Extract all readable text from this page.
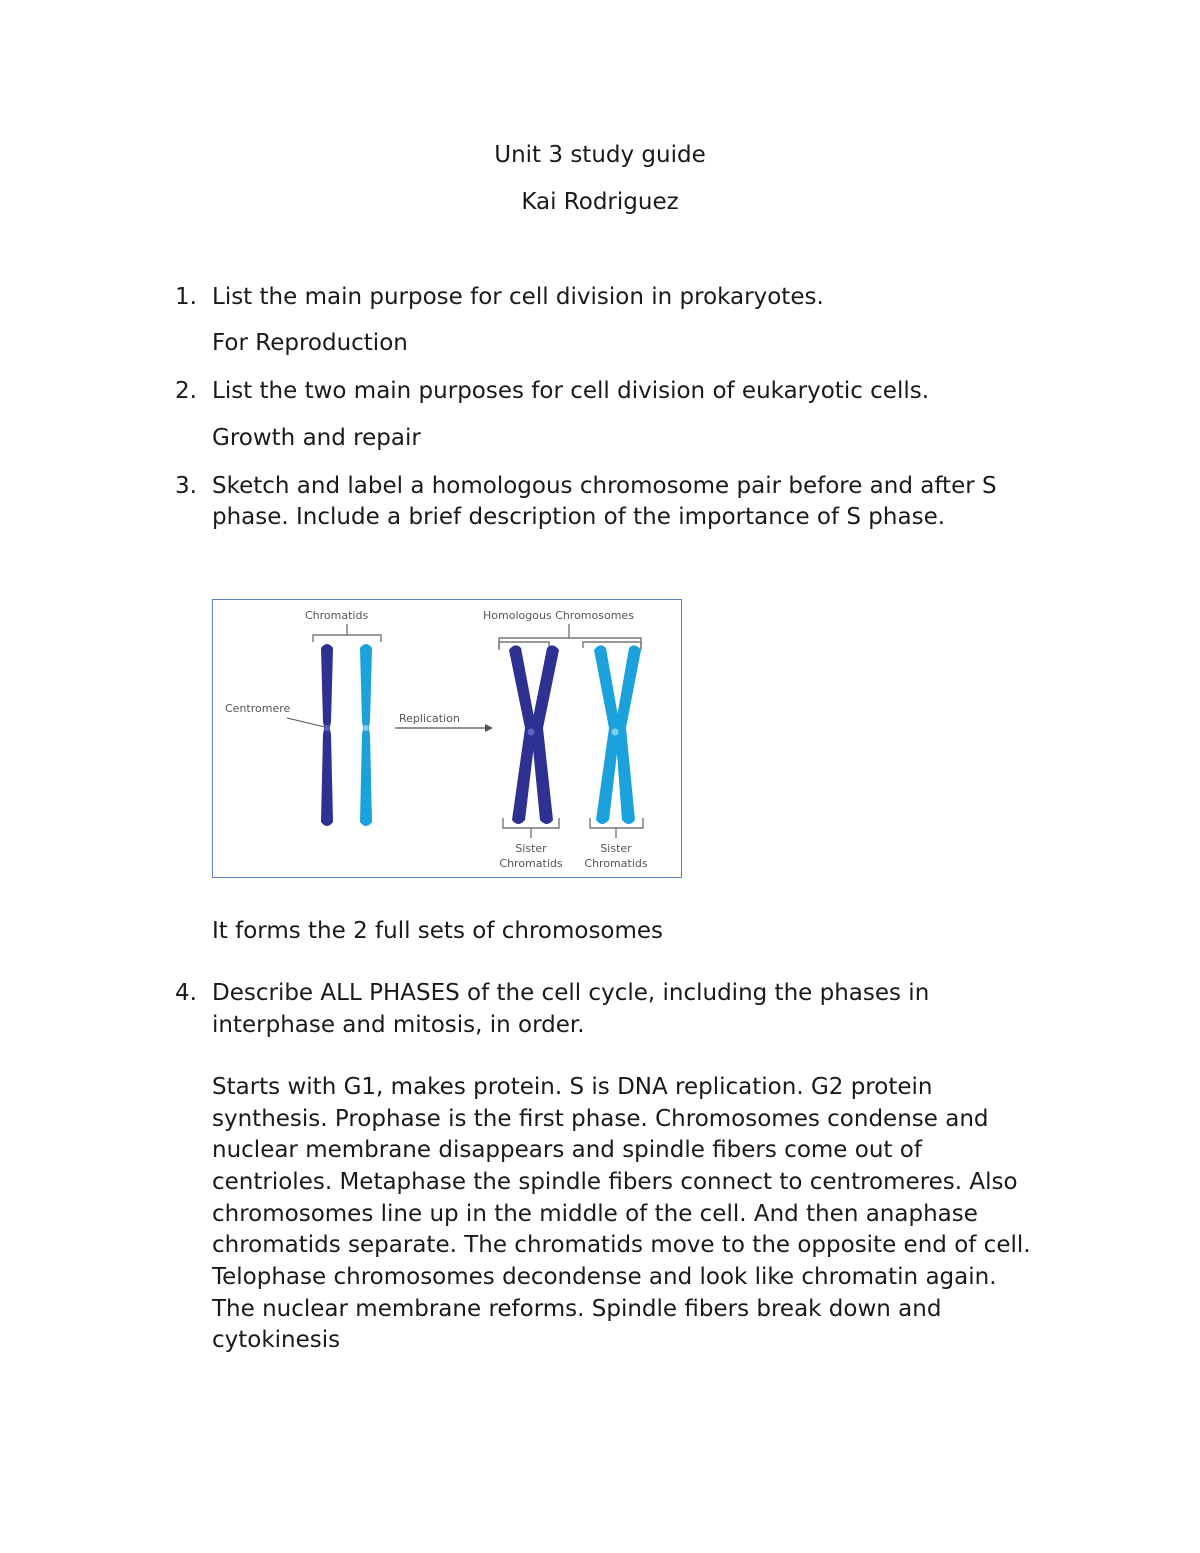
Unit 3 study guide
Kai Rodriguez
1. List the main purpose for cell division in prokaryotes.
For Reproduction
2. List the two main purposes for cell division of eukaryotic cells.
Growth and repair
3. Sketch and label a homologous chromosome pair before and after S
phase. Include a brief description of the importance of S phase.
Chromatids	Homologous Chromosomes
Centromere
Replication
Sister
Chromatids
Sister
Chromatids
It forms the 2 full sets of chromosomes
4. Describe ALL PHASES of the cell cycle, including the phases in
interphase and mitosis, in order.
Starts with G1, makes protein. S is DNA replication. G2 protein
synthesis. Prophase is the first phase. Chromosomes condense and
nuclear membrane disappears and spindle fibers come out of
centrioles. Metaphase the spindle fibers connect to centromeres. Also
chromosomes line up in the middle of the cell. And then anaphase
chromatids separate. The chromatids move to the opposite end of cell.
Telophase chromosomes decondense and look like chromatin again.
The nuclear membrane reforms. Spindle fibers break down and
cytokinesis
